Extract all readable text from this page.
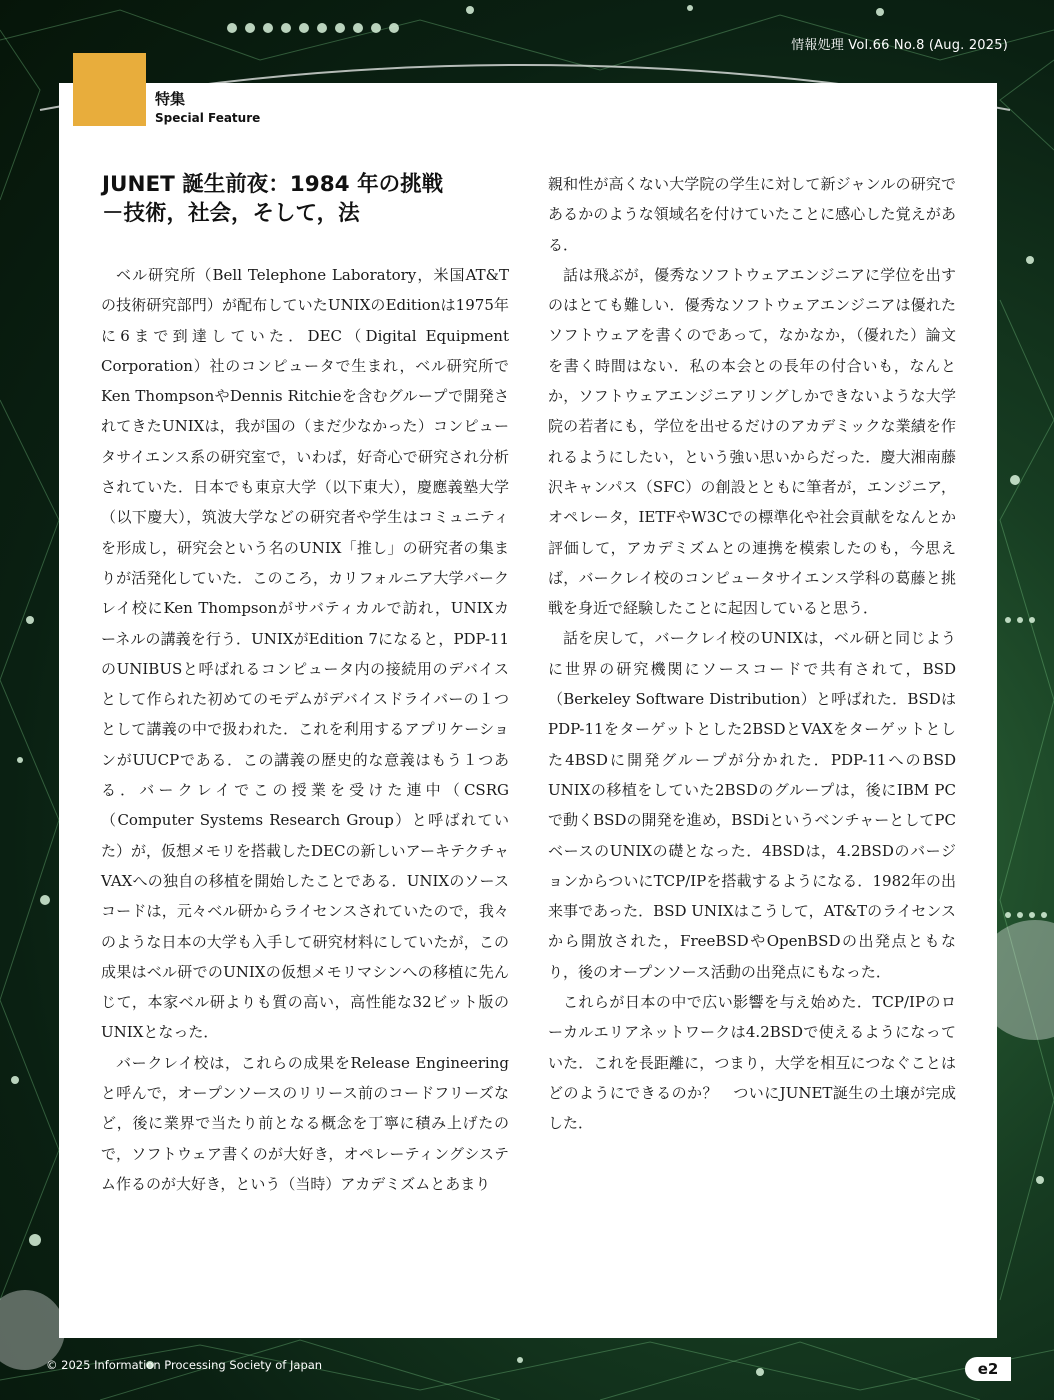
情報処理 Vol.66 No.8 (Aug. 2025)
特集
Special Feature
JUNET 誕生前夜：1984 年の挑戦
－技術，社会，そして，法

ベル研究所（Bell Telephone Laboratory，米国AT&Tの技術研究部門）が配布していたUNIXのEditionは1975年に6まで到達していた．DEC（Digital Equipment Corporation）社のコンピュータで生まれ，ベル研究所でKen ThompsonやDennis Ritchieを含むグループで開発されてきたUNIXは，我が国の（まだ少なかった）コンピュータサイエンス系の研究室で，いわば，好奇心で研究され分析されていた．日本でも東京大学（以下東大），慶應義塾大学（以下慶大），筑波大学などの研究者や学生はコミュニティを形成し，研究会という名のUNIX「推し」の研究者の集まりが活発化していた．このころ，カリフォルニア大学バークレイ校にKen Thompsonがサバティカルで訪れ，UNIXカーネルの講義を行う．UNIXがEdition 7になると，PDP-11のUNIBUSと呼ばれるコンピュータ内の接続用のデバイスとして作られた初めてのモデムがデバイスドライバーの１つとして講義の中で扱われた．これを利用するアプリケーションがUUCPである．この講義の歴史的な意義はもう１つある．バークレイでこの授業を受けた連中（CSRG（Computer Systems Research Group）と呼ばれていた）が，仮想メモリを搭載したDECの新しいアーキテクチャVAXへの独自の移植を開始したことである．UNIXのソースコードは，元々ベル研からライセンスされていたので，我々のような日本の大学も入手して研究材料にしていたが，この成果はベル研でのUNIXの仮想メモリマシンへの移植に先んじて，本家ベル研よりも質の高い，高性能な32ビット版のUNIXとなった．

バークレイ校は，これらの成果をRelease Engineeringと呼んで，オープンソースのリリース前のコードフリーズなど，後に業界で当たり前となる概念を丁寧に積み上げたので，ソフトウェア書くのが大好き，オペレーティングシステム作るのが大好き，という（当時）アカデミズムとあまり

親和性が高くない大学院の学生に対して新ジャンルの研究であるかのような領域名を付けていたことに感心した覚えがある．

話は飛ぶが，優秀なソフトウェアエンジニアに学位を出すのはとても難しい．優秀なソフトウェアエンジニアは優れたソフトウェアを書くのであって，なかなか，（優れた）論文を書く時間はない．私の本会との長年の付合いも，なんとか，ソフトウェアエンジニアリングしかできないような大学院の若者にも，学位を出せるだけのアカデミックな業績を作れるようにしたい，という強い思いからだった．慶大湘南藤沢キャンパス（SFC）の創設とともに筆者が，エンジニア，オペレータ，IETFやW3Cでの標準化や社会貢献をなんとか評価して，アカデミズムとの連携を模索したのも，今思えば，バークレイ校のコンピュータサイエンス学科の葛藤と挑戦を身近で経験したことに起因していると思う．

話を戻して，バークレイ校のUNIXは，ベル研と同じように世界の研究機関にソースコードで共有されて，BSD（Berkeley Software Distribution）と呼ばれた．BSDはPDP-11をターゲットとした2BSDとVAXをターゲットとした4BSDに開発グループが分かれた．PDP-11へのBSD UNIXの移植をしていた2BSDのグループは，後にIBM PCで動くBSDの開発を進め，BSDiというベンチャーとしてPCベースのUNIXの礎となった．4BSDは，4.2BSDのバージョンからついにTCP/IPを搭載するようになる．1982年の出来事であった．BSD UNIXはこうして，AT&Tのライセンスから開放された，FreeBSDやOpenBSDの出発点ともなり，後のオープンソース活動の出発点にもなった．

これらが日本の中で広い影響を与え始めた．TCP/IPのローカルエリアネットワークは4.2BSDで使えるようになっていた．これを長距離に，つまり，大学を相互につなぐことはどのようにできるのか？　ついにJUNET誕生の土壌が完成した．

© 2025 Information Processing Society of Japan	e2
